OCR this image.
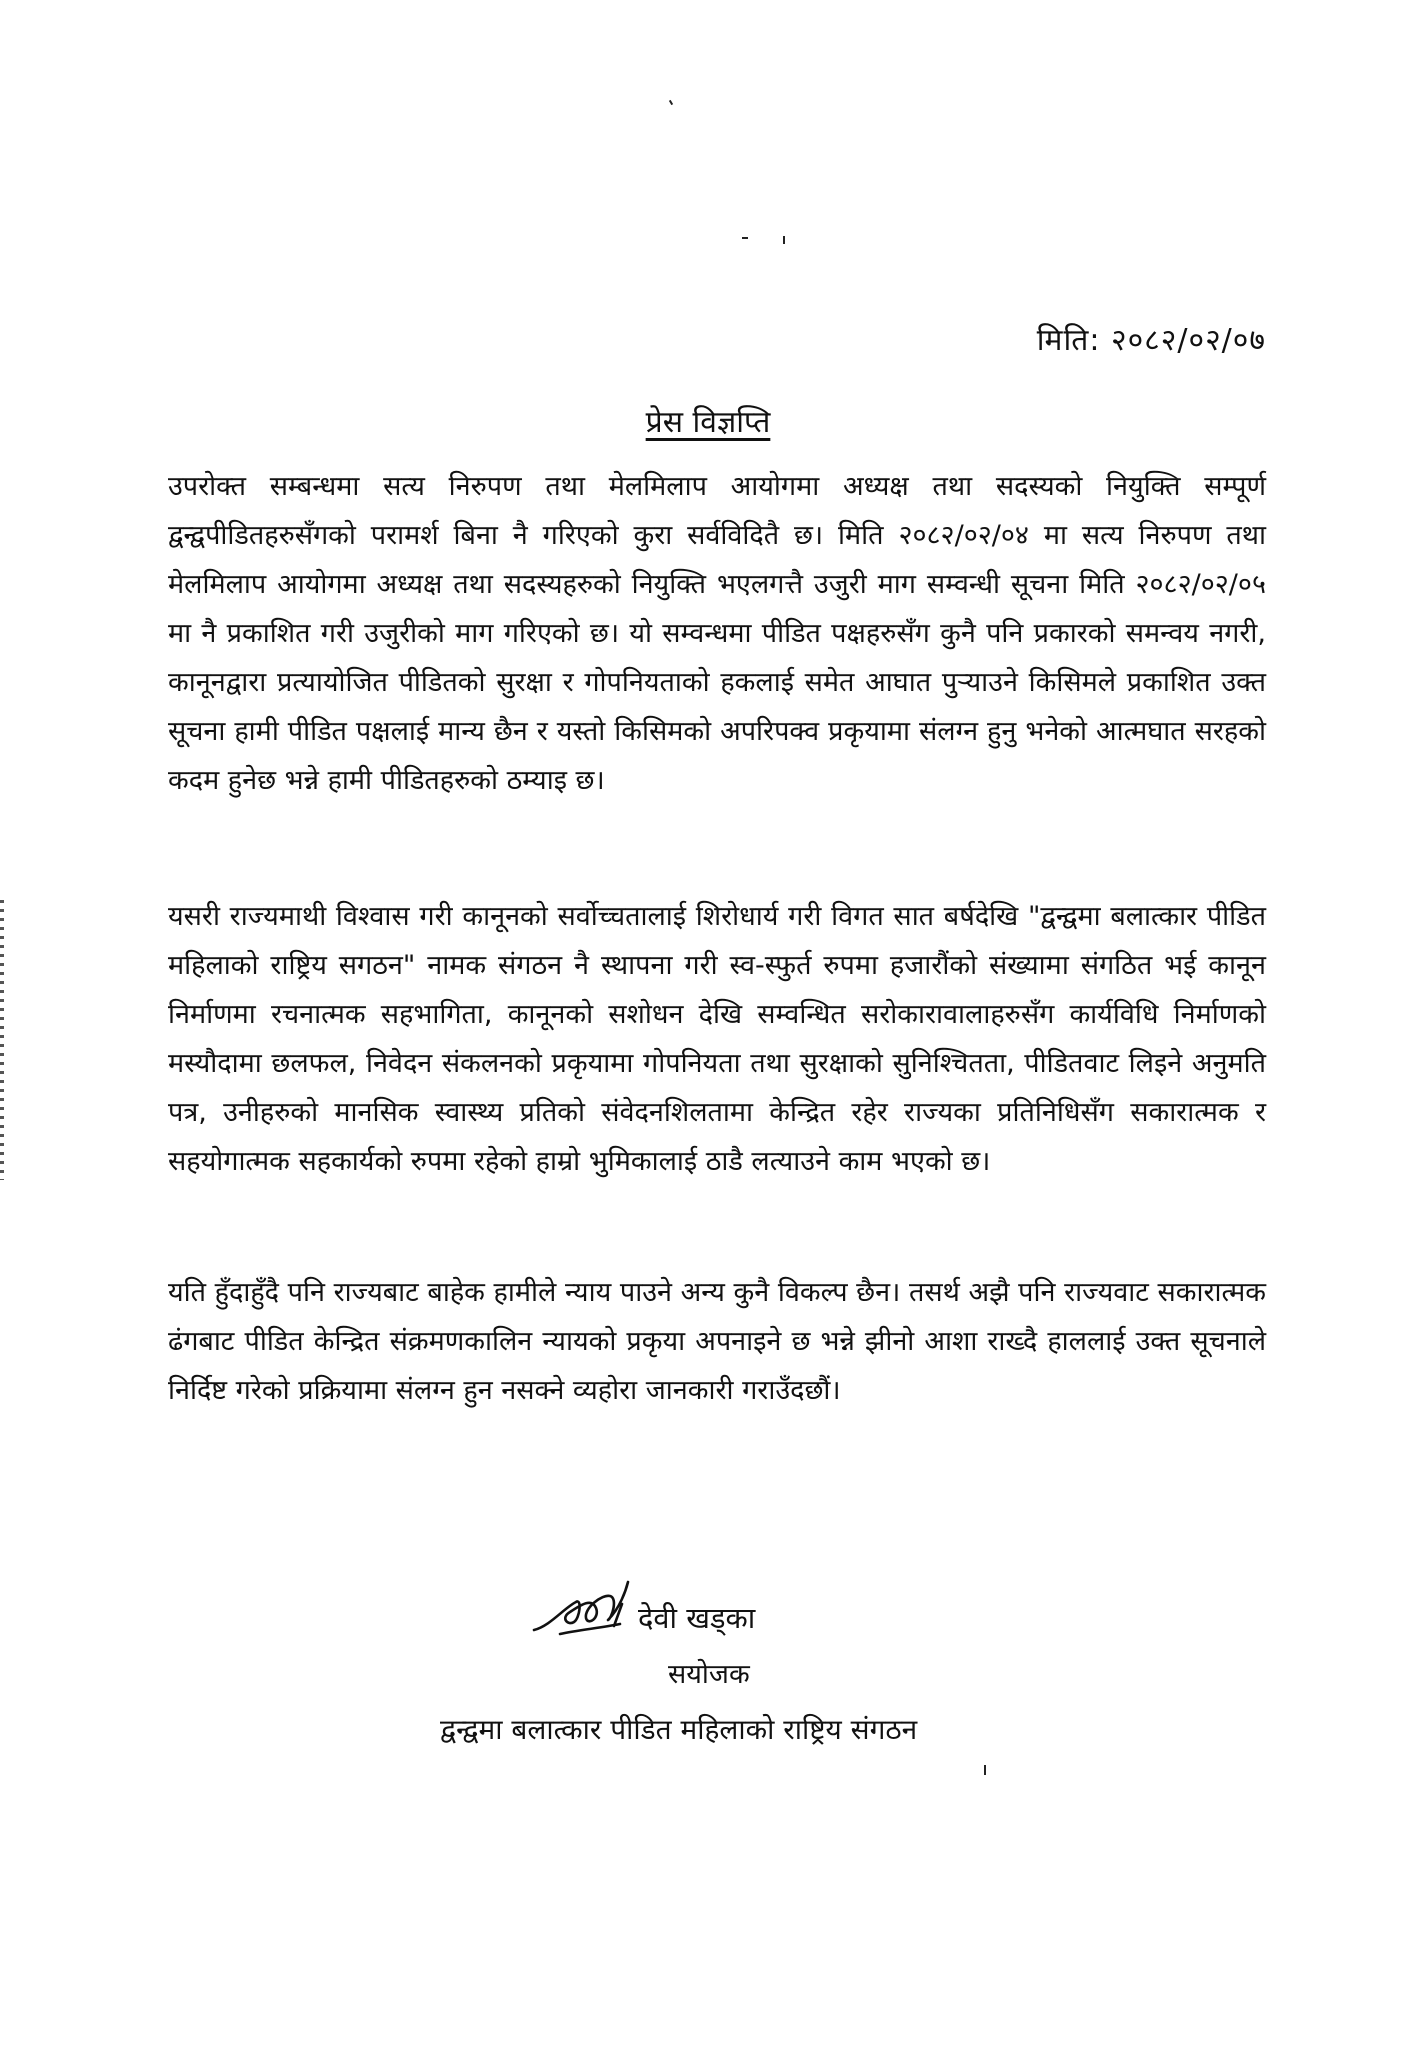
मिति: २०८२/०२/०७
प्रेस विज्ञप्ति
उपरोक्त सम्बन्धमा सत्य निरुपण तथा मेलमिलाप आयोगमा अध्यक्ष तथा सदस्यको नियुक्ति सम्पूर्ण द्वन्द्वपीडितहरुसँगको परामर्श बिना नै गरिएको कुरा सर्वविदितै छ। मिति २०८२/०२/०४ मा सत्य निरुपण तथा मेलमिलाप आयोगमा अध्यक्ष तथा सदस्यहरुको नियुक्ति भएलगत्तै उजुरी माग सम्वन्धी सूचना मिति २०८२/०२/०५ मा नै प्रकाशित गरी उजुरीको माग गरिएको छ। यो सम्वन्धमा पीडित पक्षहरुसँग कुनै पनि प्रकारको समन्वय नगरी, कानूनद्वारा प्रत्यायोजित पीडितको सुरक्षा र गोपनियताको हकलाई समेत आघात पुऱ्याउने किसिमले प्रकाशित उक्त सूचना हामी पीडित पक्षलाई मान्य छैन र यस्तो किसिमको अपरिपक्व प्रकृयामा संलग्न हुनु भनेको आत्मघात सरहको कदम हुनेछ भन्ने हामी पीडितहरुको ठम्याइ छ।
यसरी राज्यमाथी विश्वास गरी कानूनको सर्वोच्चतालाई शिरोधार्य गरी विगत सात बर्षदेखि "द्वन्द्वमा बलात्कार पीडित महिलाको राष्ट्रिय सगठन" नामक संगठन नै स्थापना गरी स्व-स्फुर्त रुपमा हजारौंको संख्यामा संगठित भई कानून निर्माणमा रचनात्मक सहभागिता, कानूनको सशोधन देखि सम्वन्धित सरोकारावालाहरुसँग कार्यविधि निर्माणको मस्यौदामा छलफल, निवेदन संकलनको प्रकृयामा गोपनियता तथा सुरक्षाको सुनिश्चितता, पीडितवाट लिइने अनुमति पत्र, उनीहरुको मानसिक स्वास्थ्य प्रतिको संवेदनशिलतामा केन्द्रित रहेर राज्यका प्रतिनिधिसँग सकारात्मक र सहयोगात्मक सहकार्यको रुपमा रहेको हाम्रो भुमिकालाई ठाडै लत्याउने काम भएको छ।
यति हुँदाहुँदै पनि राज्यबाट बाहेक हामीले न्याय पाउने अन्य कुनै विकल्प छैन। तसर्थ अझै पनि राज्यवाट सकारात्मक ढंगबाट पीडित केन्द्रित संक्रमणकालिन न्यायको प्रकृया अपनाइने छ भन्ने झीनो आशा राख्दै हाललाई उक्त सूचनाले निर्दिष्ट गरेको प्रक्रियामा संलग्न हुन नसक्ने व्यहोरा जानकारी गराउँदछौं।
देवी खड्का
सयोजक
द्वन्द्वमा बलात्कार पीडित महिलाको राष्ट्रिय संगठन
